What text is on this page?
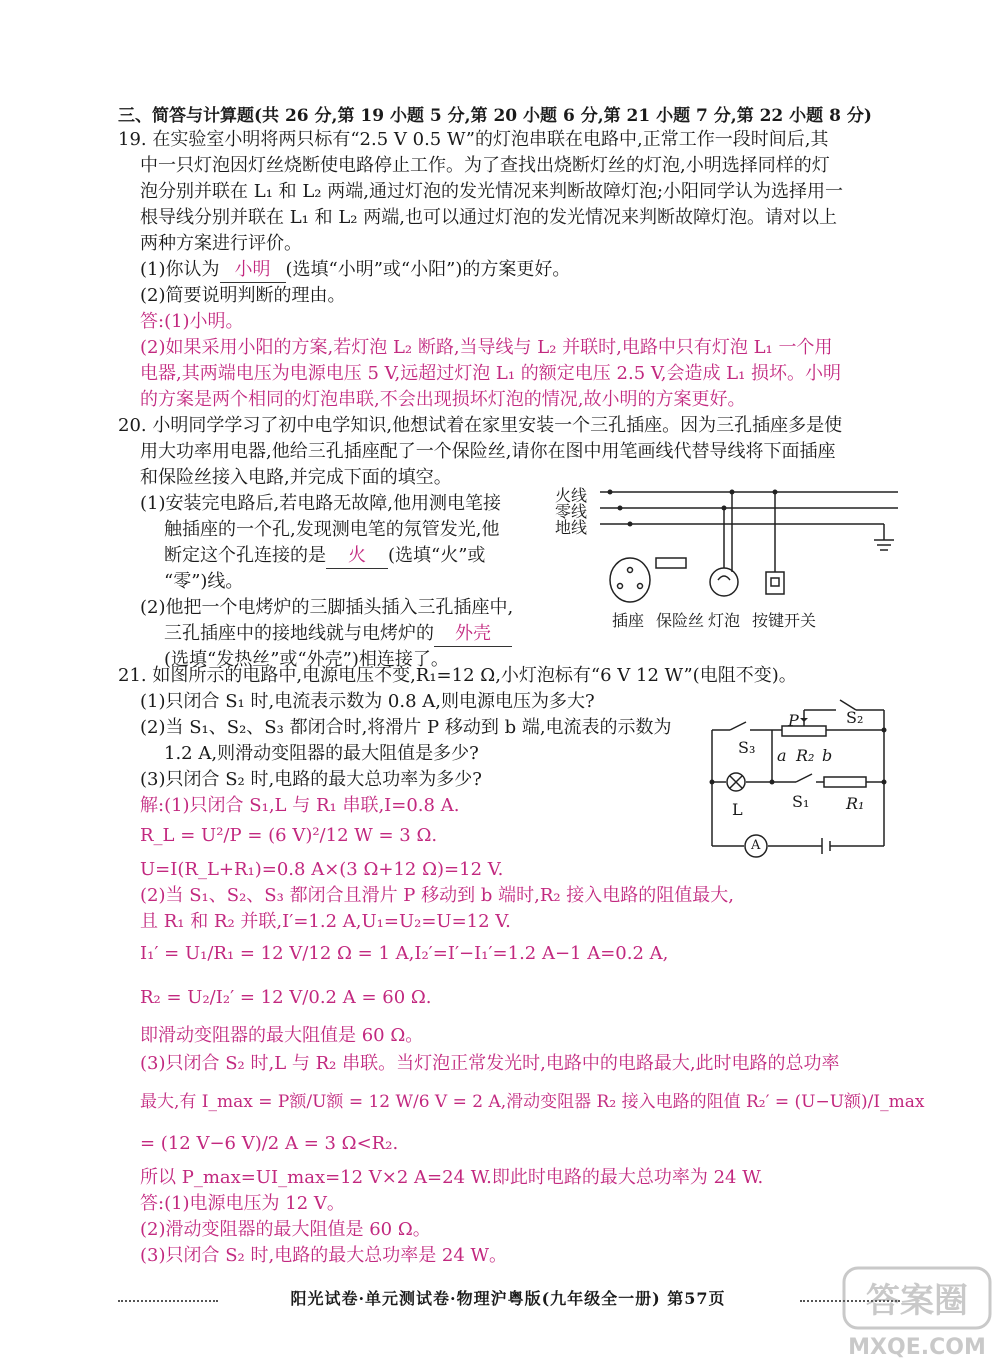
三、简答与计算题(共 26 分,第 19 小题 5 分,第 20 小题 6 分,第 21 小题 7 分,第 22 小题 8 分)
19. 在实验室小明将两只标有“2.5 V 0.5 W”的灯泡串联在电路中,正常工作一段时间后,其
中一只灯泡因灯丝烧断使电路停止工作。为了查找出烧断灯丝的灯泡,小明选择同样的灯
泡分别并联在 L₁ 和 L₂ 两端,通过灯泡的发光情况来判断故障灯泡;小阳同学认为选择用一
根导线分别并联在 L₁ 和 L₂ 两端,也可以通过灯泡的发光情况来判断故障灯泡。请对以上
两种方案进行评价。
(1)你认为 小明 (选填“小明”或“小阳”)的方案更好。
(2)简要说明判断的理由。
答:(1)小明。
(2)如果采用小阳的方案,若灯泡 L₂ 断路,当导线与 L₂ 并联时,电路中只有灯泡 L₁ 一个用
电器,其两端电压为电源电压 5 V,远超过灯泡 L₁ 的额定电压 2.5 V,会造成 L₁ 损坏。小明
的方案是两个相同的灯泡串联,不会出现损坏灯泡的情况,故小明的方案更好。
20. 小明同学学习了初中电学知识,他想试着在家里安装一个三孔插座。因为三孔插座多是使
用大功率用电器,他给三孔插座配了一个保险丝,请你在图中用笔画线代替导线将下面插座
和保险丝接入电路,并完成下面的填空。
(1)安装完电路后,若电路无故障,他用测电笔接
触插座的一个孔,发现测电笔的氖管发光,他
断定这个孔连接的是 火 (选填“火”或
“零”)线。
(2)他把一个电烤炉的三脚插头插入三孔插座中,
三孔插座中的接地线就与电烤炉的 外壳
(选填“发热丝”或“外壳”)相连接了。
火线
零线
地线
插座 保险丝 灯泡 按键开关
21. 如图所示的电路中,电源电压不变,R₁=12 Ω,小灯泡标有“6 V 12 W”(电阻不变)。
(1)只闭合 S₁ 时,电流表示数为 0.8 A,则电源电压为多大?
(2)当 S₁、S₂、S₃ 都闭合时,将滑片 P 移动到 b 端,电流表的示数为
1.2 A,则滑动变阻器的最大阻值是多少?
(3)只闭合 S₂ 时,电路的最大总功率为多少?
P	S₂
S₃ a R₂ b
L	S₁ R₁
A
解:(1)只闭合 S₁,L 与 R₁ 串联,I=0.8 A.
R_L = U²/P = (6 V)²/12 W = 3 Ω.
U=I(R_L+R₁)=0.8 A×(3 Ω+12 Ω)=12 V.
(2)当 S₁、S₂、S₃ 都闭合且滑片 P 移动到 b 端时,R₂ 接入电路的阻值最大,
且 R₁ 和 R₂ 并联,I′=1.2 A,U₁=U₂=U=12 V.
I₁′ = U₁/R₁ = 12 V/12 Ω = 1 A,I₂′=I′−I₁′=1.2 A−1 A=0.2 A,
R₂ = U₂/I₂′ = 12 V/0.2 A = 60 Ω.
即滑动变阻器的最大阻值是 60 Ω。
(3)只闭合 S₂ 时,L 与 R₂ 串联。当灯泡正常发光时,电路中的电路最大,此时电路的总功率
最大,有 I_max = P额/U额 = 12 W/6 V = 2 A,滑动变阻器 R₂ 接入电路的阻值 R₂′ = (U−U额)/I_max
= (12 V−6 V)/2 A = 3 Ω<R₂.
所以 P_max=UI_max=12 V×2 A=24 W.即此时电路的最大总功率为 24 W.
答:(1)电源电压为 12 V。
(2)滑动变阻器的最大阻值是 60 Ω。
(3)只闭合 S₂ 时,电路的最大总功率是 24 W。
阳光试卷·单元测试卷·物理沪粤版(九年级全一册) 第57页	答案圈
MXQE.COM
